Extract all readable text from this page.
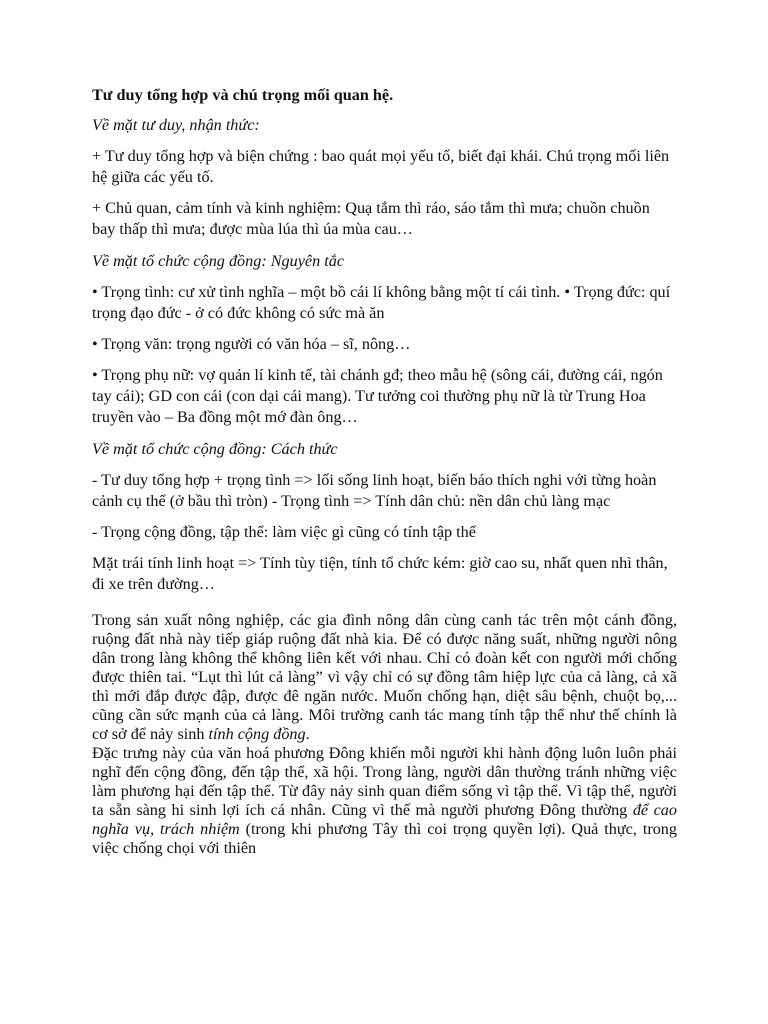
Tư duy tổng hợp và chú trọng mối quan hệ.

Về mặt tư duy, nhận thức:

+ Tư duy tổng hợp và biện chứng : bao quát mọi yếu tố, biết đại khái. Chú trọng mối liên hệ giữa các yếu tố.

+ Chủ quan, cảm tính và kinh nghiệm: Quạ tắm thì ráo, sáo tắm thì mưa; chuồn chuồn bay thấp thì mưa; được mùa lúa thì úa mùa cau…

Về mặt tổ chức cộng đồng: Nguyên tắc

• Trọng tình: cư xử tình nghĩa – một bồ cái lí không bằng một tí cái tình. • Trọng đức: quí trọng đạo đức - ở có đức không có sức mà ăn

• Trọng văn: trọng người có văn hóa – sĩ, nông…

• Trọng phụ nữ: vợ quản lí kinh tế, tài chánh gđ; theo mẫu hệ (sông cái, đường cái, ngón tay cái); GD con cái (con dại cái mang). Tư tưởng coi thường phụ nữ là từ Trung Hoa truyền vào – Ba đồng một mớ đàn ông…

Về mặt tổ chức cộng đồng: Cách thức

- Tư duy tổng hợp + trọng tình => lối sống linh hoạt, biến báo thích nghi với từng hoàn cảnh cụ thể (ở bầu thì tròn) - Trọng tình => Tính dân chủ: nền dân chủ làng mạc

- Trọng cộng đồng, tập thể: làm việc gì cũng có tính tập thể

Mặt trái tính linh hoạt => Tính tùy tiện, tính tổ chức kém: giờ cao su, nhất quen nhì thân, đi xe trên đường…

Trong sản xuất nông nghiệp, các gia đình nông dân cùng canh tác trên một cánh đồng, ruộng đất nhà này tiếp giáp ruộng đất nhà kia. Để có được năng suất, những người nông dân trong làng không thể không liên kết với nhau. Chỉ có đoàn kết con người mới chống được thiên tai. “Lụt thì lút cả làng” vì vậy chỉ có sự đồng tâm hiệp lực của cả làng, cả xã thì mới đắp được đập, được đê ngăn nước. Muốn chống hạn, diệt sâu bệnh, chuột bọ,... cũng cần sức mạnh của cả làng. Môi trường canh tác mang tính tập thể như thế chính là cơ sở để nảy sinh tính cộng đồng.

Đặc trưng này của văn hoá phương Đông khiến mỗi người khi hành động luôn luôn phải nghĩ đến cộng đồng, đến tập thể, xã hội. Trong làng, người dân thường tránh những việc làm phương hại đến tập thể. Từ đây nảy sinh quan điểm sống vì tập thể. Vì tập thể, người ta sẵn sàng hi sinh lợi ích cá nhân. Cũng vì thế mà người phương Đông thường để cao nghĩa vụ, trách nhiệm (trong khi phương Tây thì coi trọng quyền lợi). Quả thực, trong việc chống chọi với thiên
